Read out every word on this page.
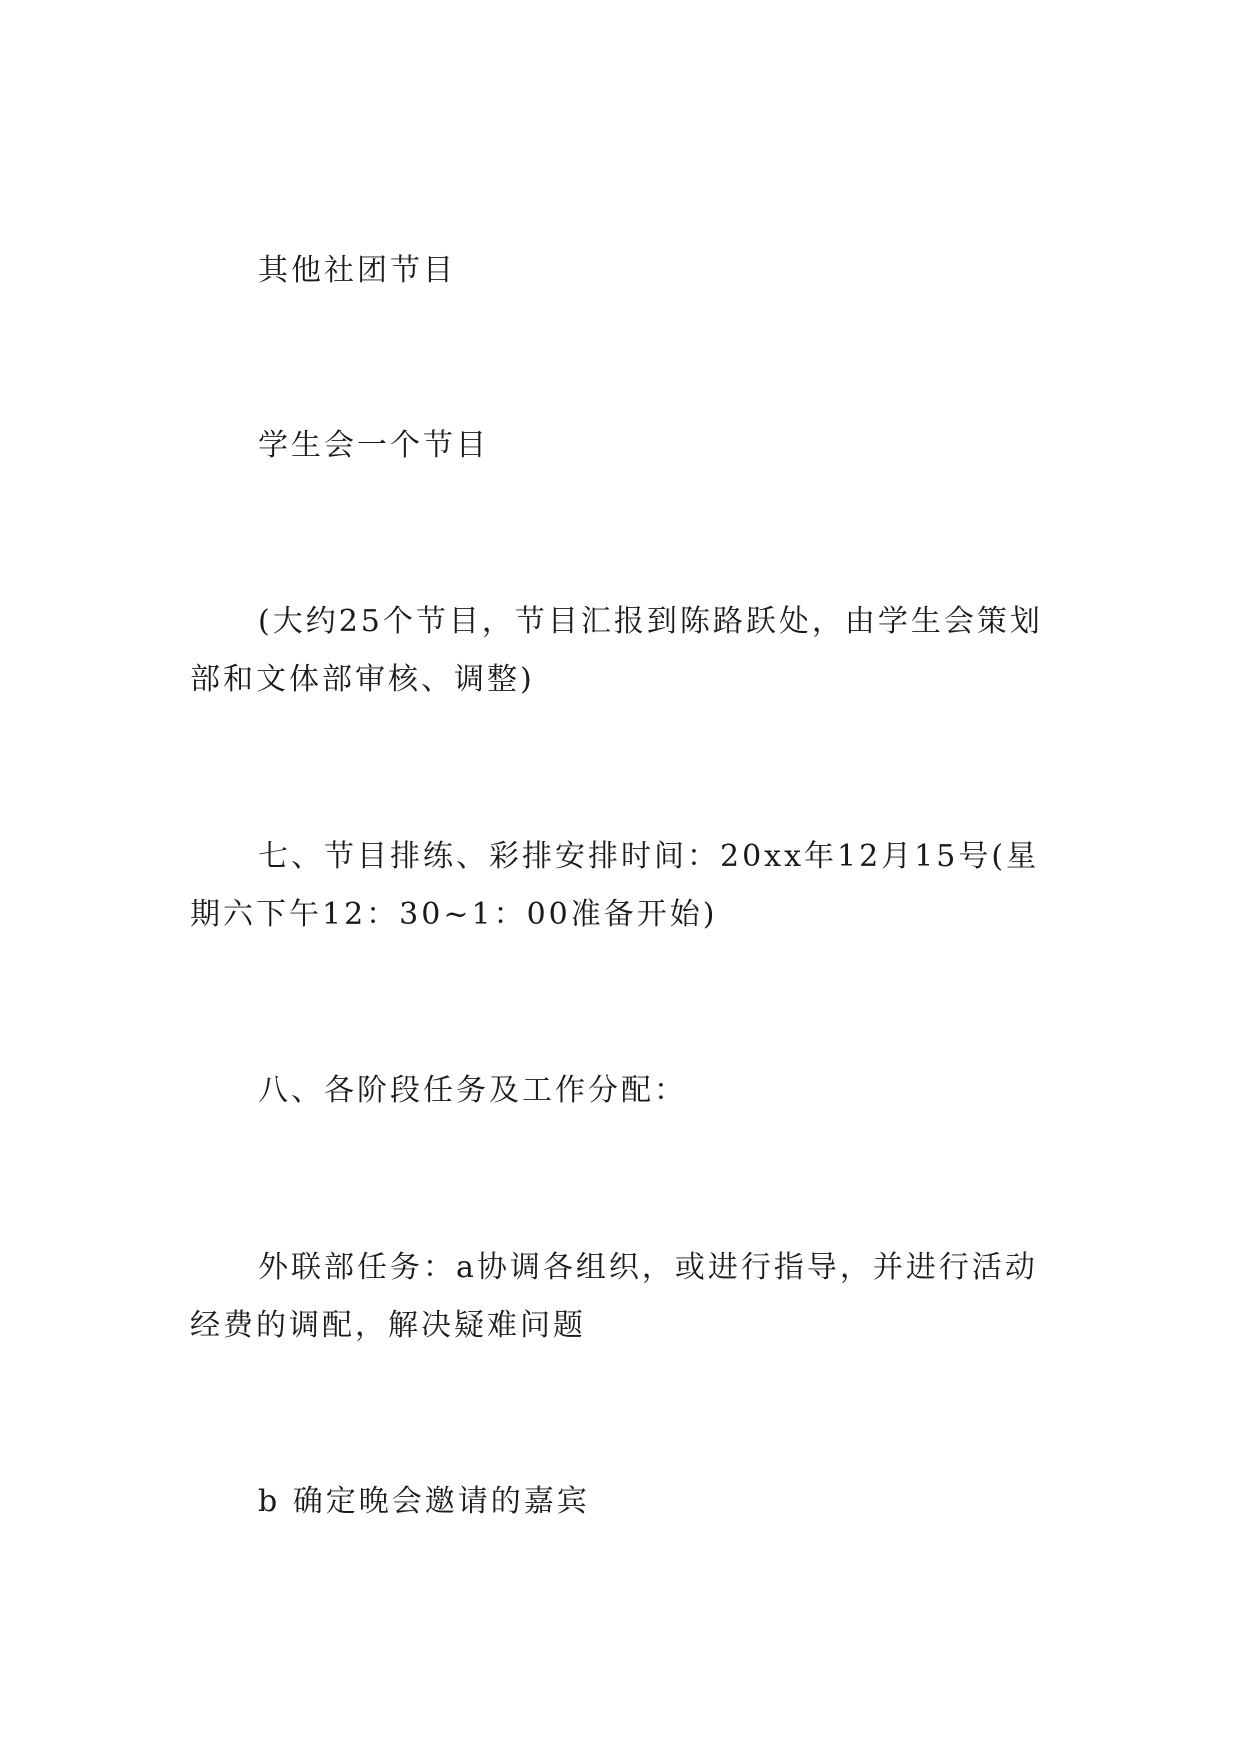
其他社团节目

学生会一个节目

(大约25个节目，节目汇报到陈路跃处，由学生会策划部和文体部审核、调整)

七、节目排练、彩排安排时间：20xx年12月15号(星期六下午12：30~1：00准备开始)

八、各阶段任务及工作分配：

外联部任务：a协调各组织，或进行指导，并进行活动经费的调配，解决疑难问题

b 确定晚会邀请的嘉宾
